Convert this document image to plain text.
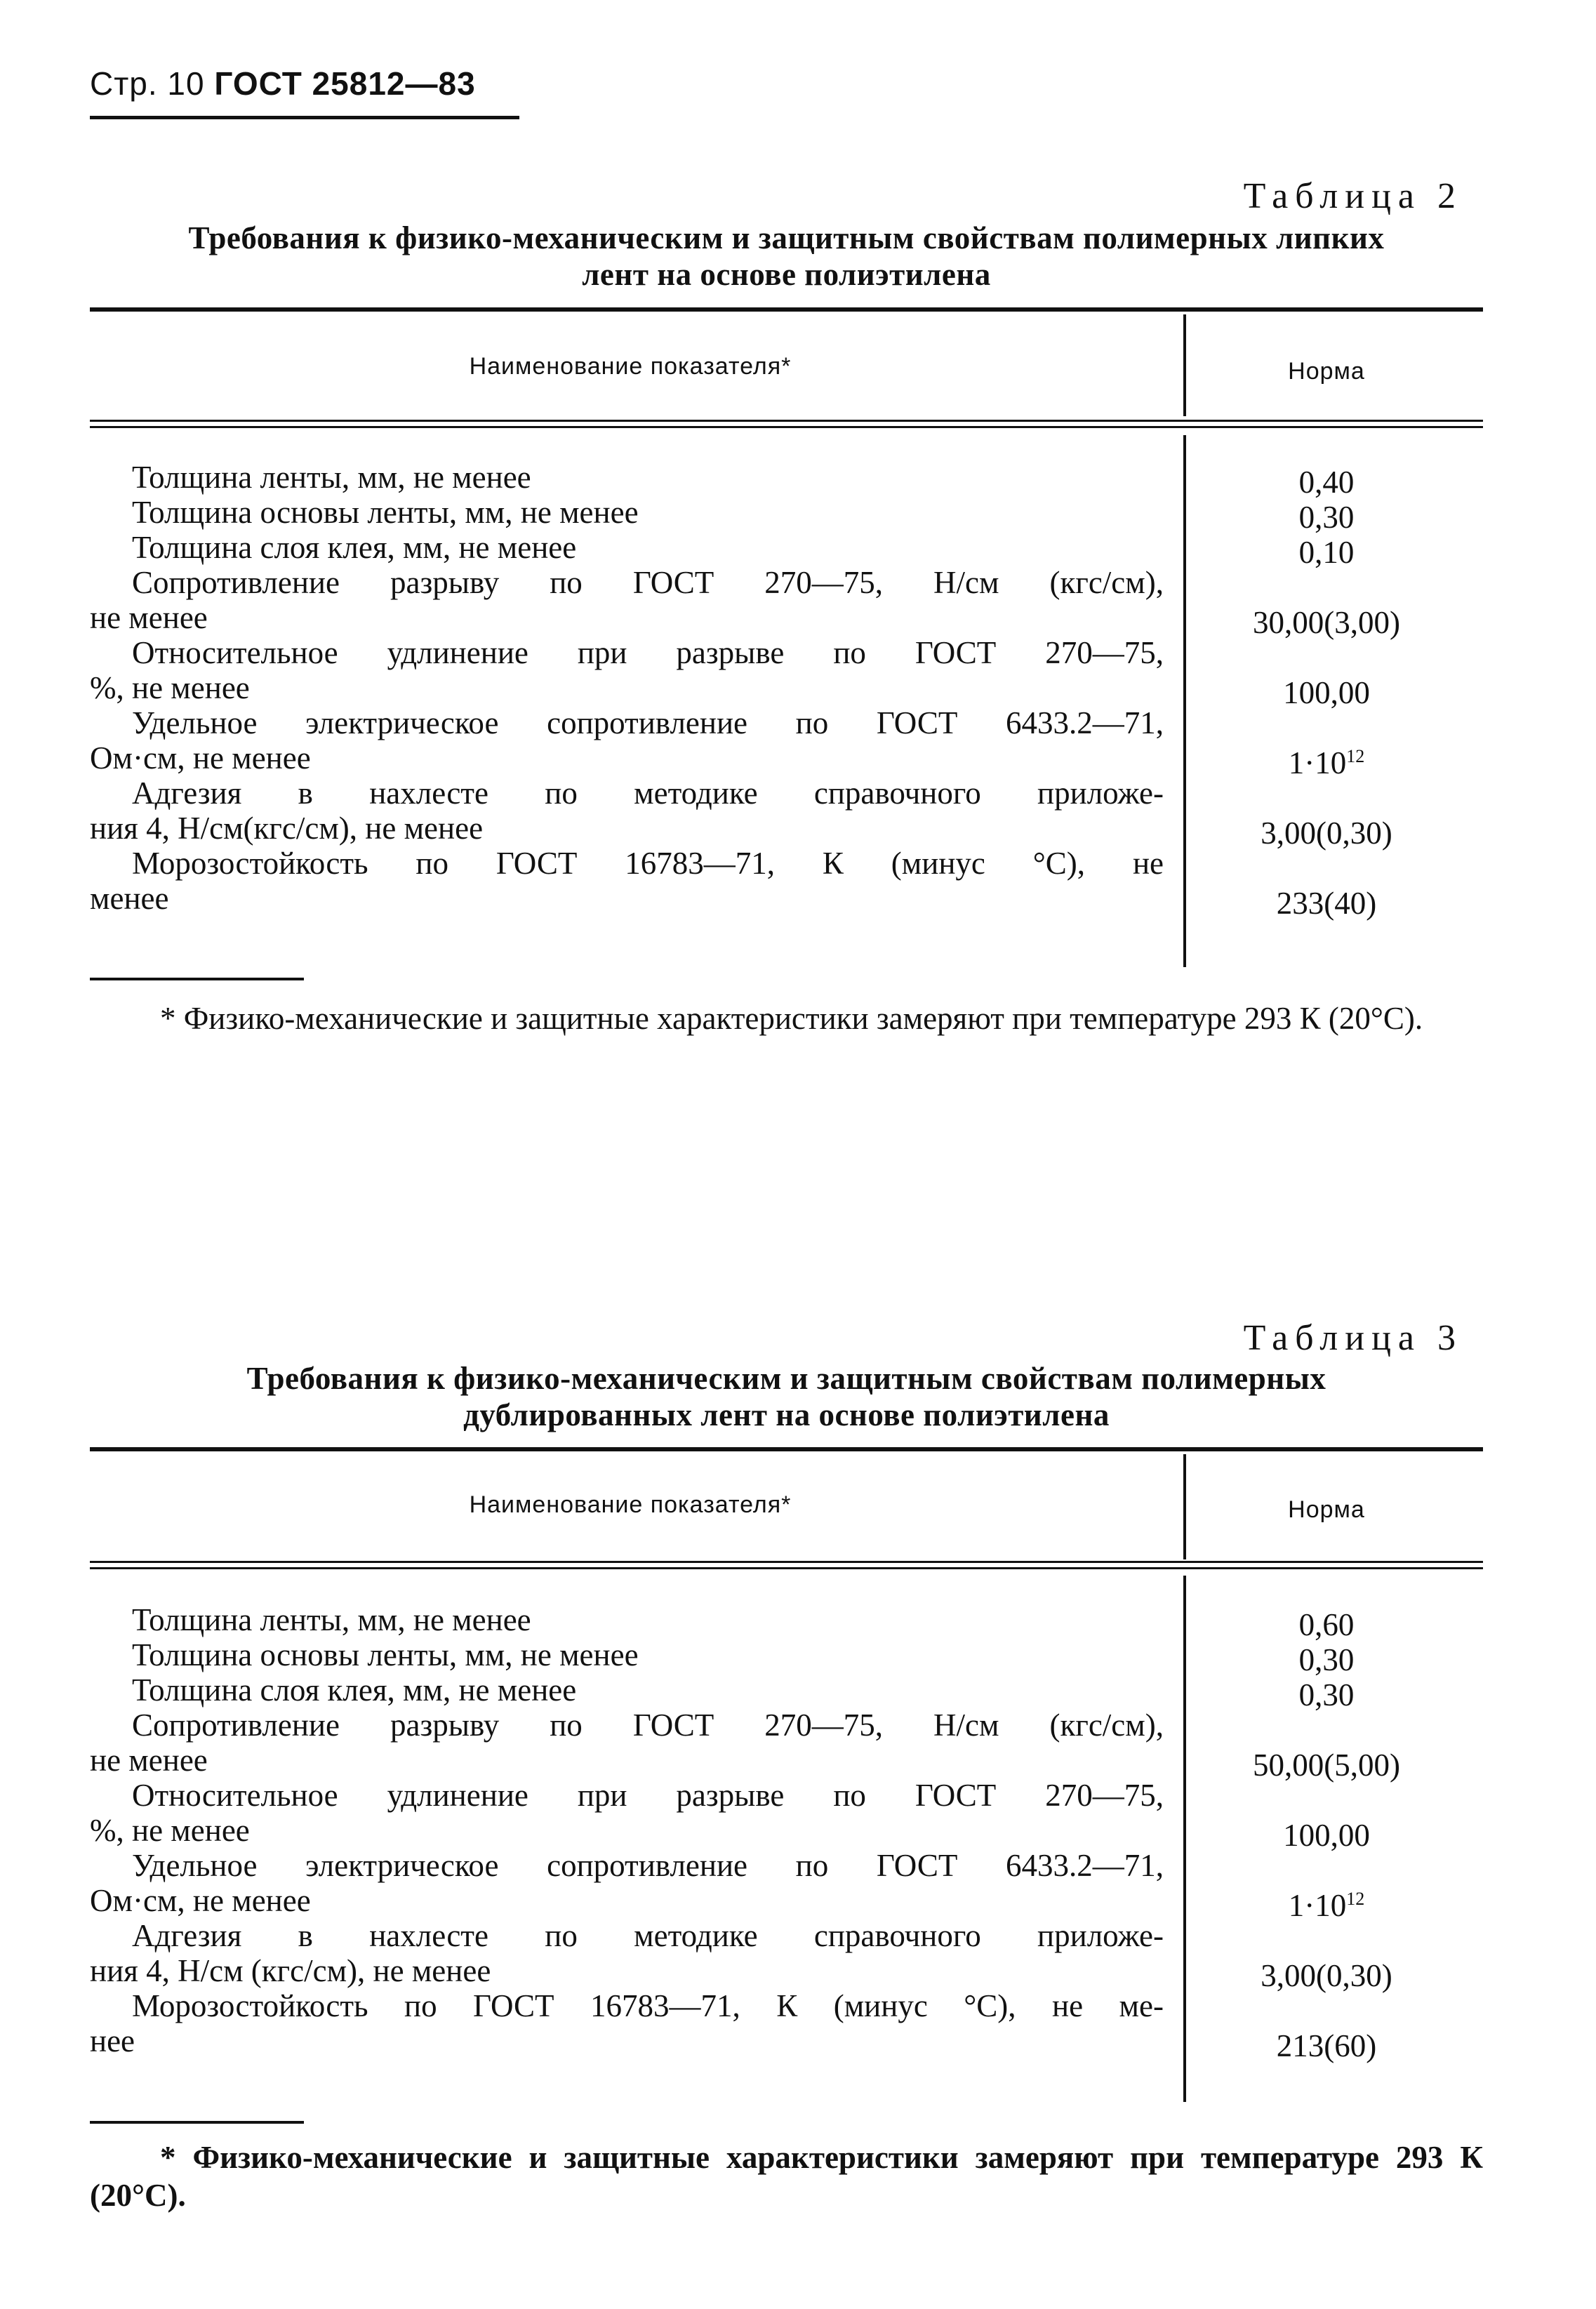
Стр. 10 ГОСТ 25812—83
Таблица 2
Требования к физико-механическим и защитным свойствам полимерных липких
лент на основе полиэтилена
Наименование показателя*	Норма
Толщина ленты, мм, не менее
Толщина основы ленты, мм, не менее
Толщина слоя клея, мм, не менее
Сопротивление разрыву по ГОСТ 270—75, Н/см (кгс/см),
не менее
Относительное удлинение при разрыве по ГОСТ 270—75,
%, не менее
Удельное электрическое сопротивление по ГОСТ 6433.2—71,
Ом·см, не менее
Адгезия в нахлесте по методике справочного приложе-
ния 4, Н/см(кгс/см), не менее
Морозостойкость по ГОСТ 16783—71, К (минус °С), не
менее
0,40
0,30
0,10
30,00(3,00)
100,00
$1\cdot 10^{12}$
3,00(0,30)
233(40)
* Физико-механические и защитные характеристики замеряют при температуре 293 К (20°С).
Таблица 3
Требования к физико-механическим и защитным свойствам полимерных
дублированных лент на основе полиэтилена
Наименование показателя*	Норма
Толщина ленты, мм, не менее
Толщина основы ленты, мм, не менее
Толщина слоя клея, мм, не менее
Сопротивление разрыву по ГОСТ 270—75, Н/см (кгс/см),
не менее
Относительное удлинение при разрыве по ГОСТ 270—75,
%, не менее
Удельное электрическое сопротивление по ГОСТ 6433.2—71,
Ом·см, не менее
Адгезия в нахлесте по методике справочного приложе-
ния 4, Н/см (кгс/см), не менее
Морозостойкость по ГОСТ 16783—71, К (минус °С), не ме-
нее
0,60
0,30
0,30
50,00(5,00)
100,00
$1\cdot 10^{12}$
3,00(0,30)
213(60)
* Физико-механические и защитные характеристики замеряют при температуре 293 К (20°С).
